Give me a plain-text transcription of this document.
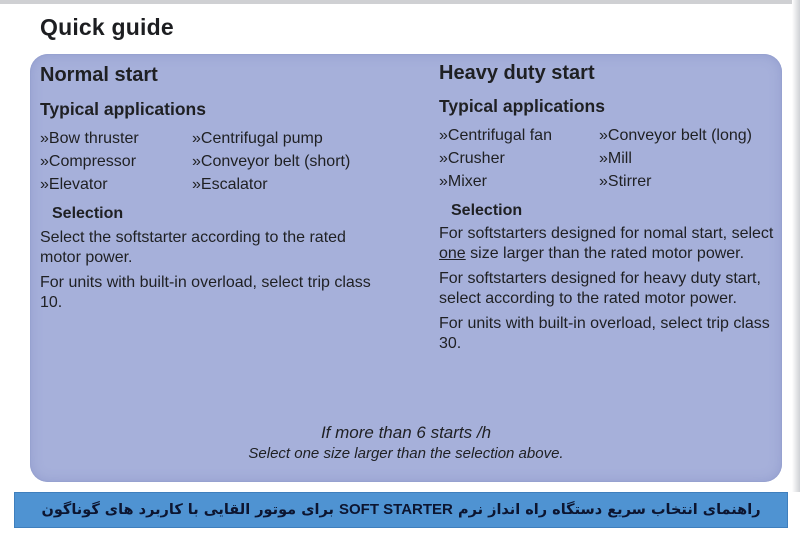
Quick guide
Normal start
Typical applications
»Bow thruster	»Centrifugal pump
»Compressor	»Conveyor belt (short)
»Elevator	»Escalator
Selection

Select the softstarter according to the rated motor power.

For units with built-in overload, select trip class 10.

Heavy duty start
Typical applications
»Centrifugal fan	»Conveyor belt (long)
»Crusher	»Mill
»Mixer	»Stirrer
Selection

For softstarters designed for nomal start, select one size larger than the rated motor power.

For softstarters designed for heavy duty start, select according to the rated motor power.

For units with built-in overload, select trip class 30.

If more than 6 starts /h
Select one size larger than the selection above.
راهنمای انتخاب سریع دستگاه راه انداز نرم SOFT STARTER برای موتور القایی با کاربرد های گوناگون
